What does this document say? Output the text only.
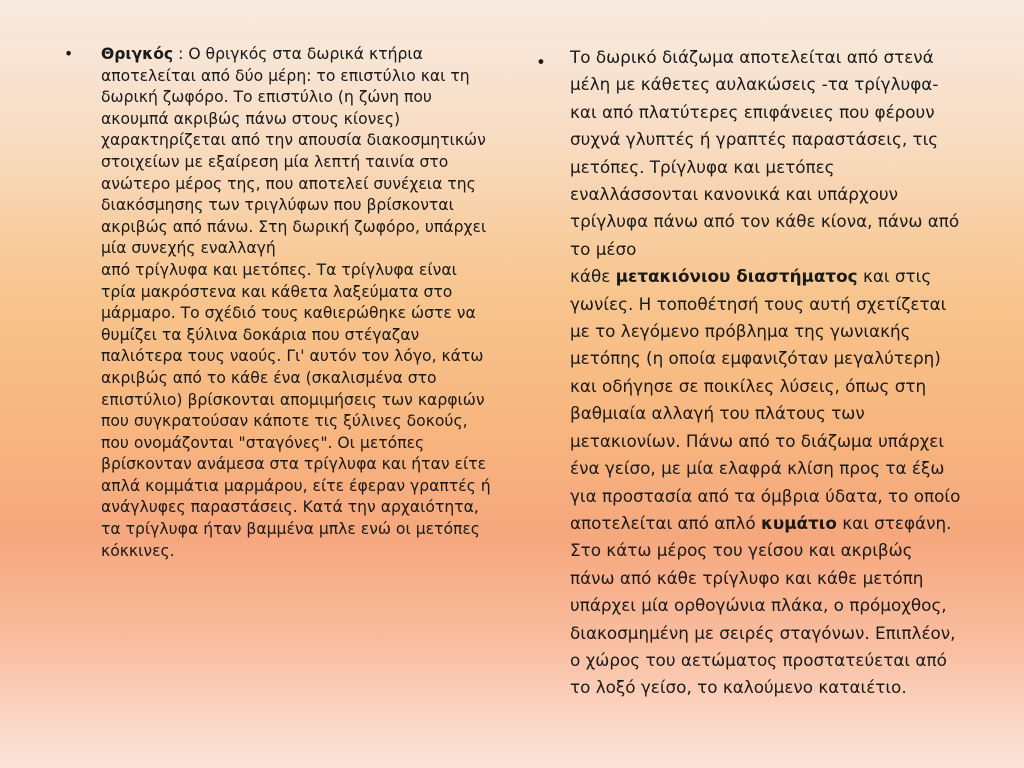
• Θριγκός : Ο θριγκός στα δωρικά κτήρια αποτελείται από δύο μέρη: το επιστύλιο και τη δωρική ζωφόρο. Το επιστύλιο (η ζώνη που ακουμπά ακριβώς πάνω στους κίονες) χαρακτηρίζεται από την απουσία διακοσμητικών στοιχείων με εξαίρεση μία λεπτή ταινία στο ανώτερο μέρος της, που αποτελεί συνέχεια της διακόσμησης των τριγλύφων που βρίσκονται ακριβώς από πάνω. Στη δωρική ζωφόρο, υπάρχει μία συνεχής εναλλαγή

από τρίγλυφα και μετόπες. Τα τρίγλυφα είναι τρία μακρόστενα και κάθετα λαξεύματα στο μάρμαρο. Το σχέδιό τους καθιερώθηκε ώστε να θυμίζει τα ξύλινα δοκάρια που στέγαζαν παλιότερα τους ναούς. Γι' αυτόν τον λόγο, κάτω ακριβώς από το κάθε ένα (σκαλισμένα στο επιστύλιο) βρίσκονται απομιμήσεις των καρφιών που συγκρατούσαν κάποτε τις ξύλινες δοκούς, που ονομάζονται "σταγόνες". Οι μετόπες βρίσκονταν ανάμεσα στα τρίγλυφα και ήταν είτε απλά κομμάτια μαρμάρου, είτε έφεραν γραπτές ή ανάγλυφες παραστάσεις. Κατά την αρχαιότητα, τα τρίγλυφα ήταν βαμμένα μπλε ενώ οι μετόπες κόκκινες.

• Το δωρικό διάζωμα αποτελείται από στενά μέλη με κάθετες αυλακώσεις -τα τρίγλυφα- και από πλατύτερες επιφάνειες που φέρουν συχνά γλυπτές ή γραπτές παραστάσεις, τις μετόπες. Τρίγλυφα και μετόπες εναλλάσσονται κανονικά και υπάρχουν τρίγλυφα πάνω από τον κάθε κίονα, πάνω από το μέσο

κάθε μετακιόνιου διαστήματος και στις γωνίες. Η τοποθέτησή τους αυτή σχετίζεται με το λεγόμενο πρόβλημα της γωνιακής μετόπης (η οποία εμφανιζόταν μεγαλύτερη) και οδήγησε σε ποικίλες λύσεις, όπως στη βαθμιαία αλλαγή του πλάτους των μετακιονίων. Πάνω από το διάζωμα υπάρχει ένα γείσο, με μία ελαφρά κλίση προς τα έξω για προστασία από τα όμβρια ύδατα, το οποίο αποτελείται από απλό κυμάτιο και στεφάνη. Στο κάτω μέρος του γείσου και ακριβώς πάνω από κάθε τρίγλυφο και κάθε μετόπη υπάρχει μία ορθογώνια πλάκα, ο πρόμοχθος, διακοσμημένη με σειρές σταγόνων. Επιπλέον, ο χώρος του αετώματος προστατεύεται από το λοξό γείσο, το καλούμενο καταιέτιο.
